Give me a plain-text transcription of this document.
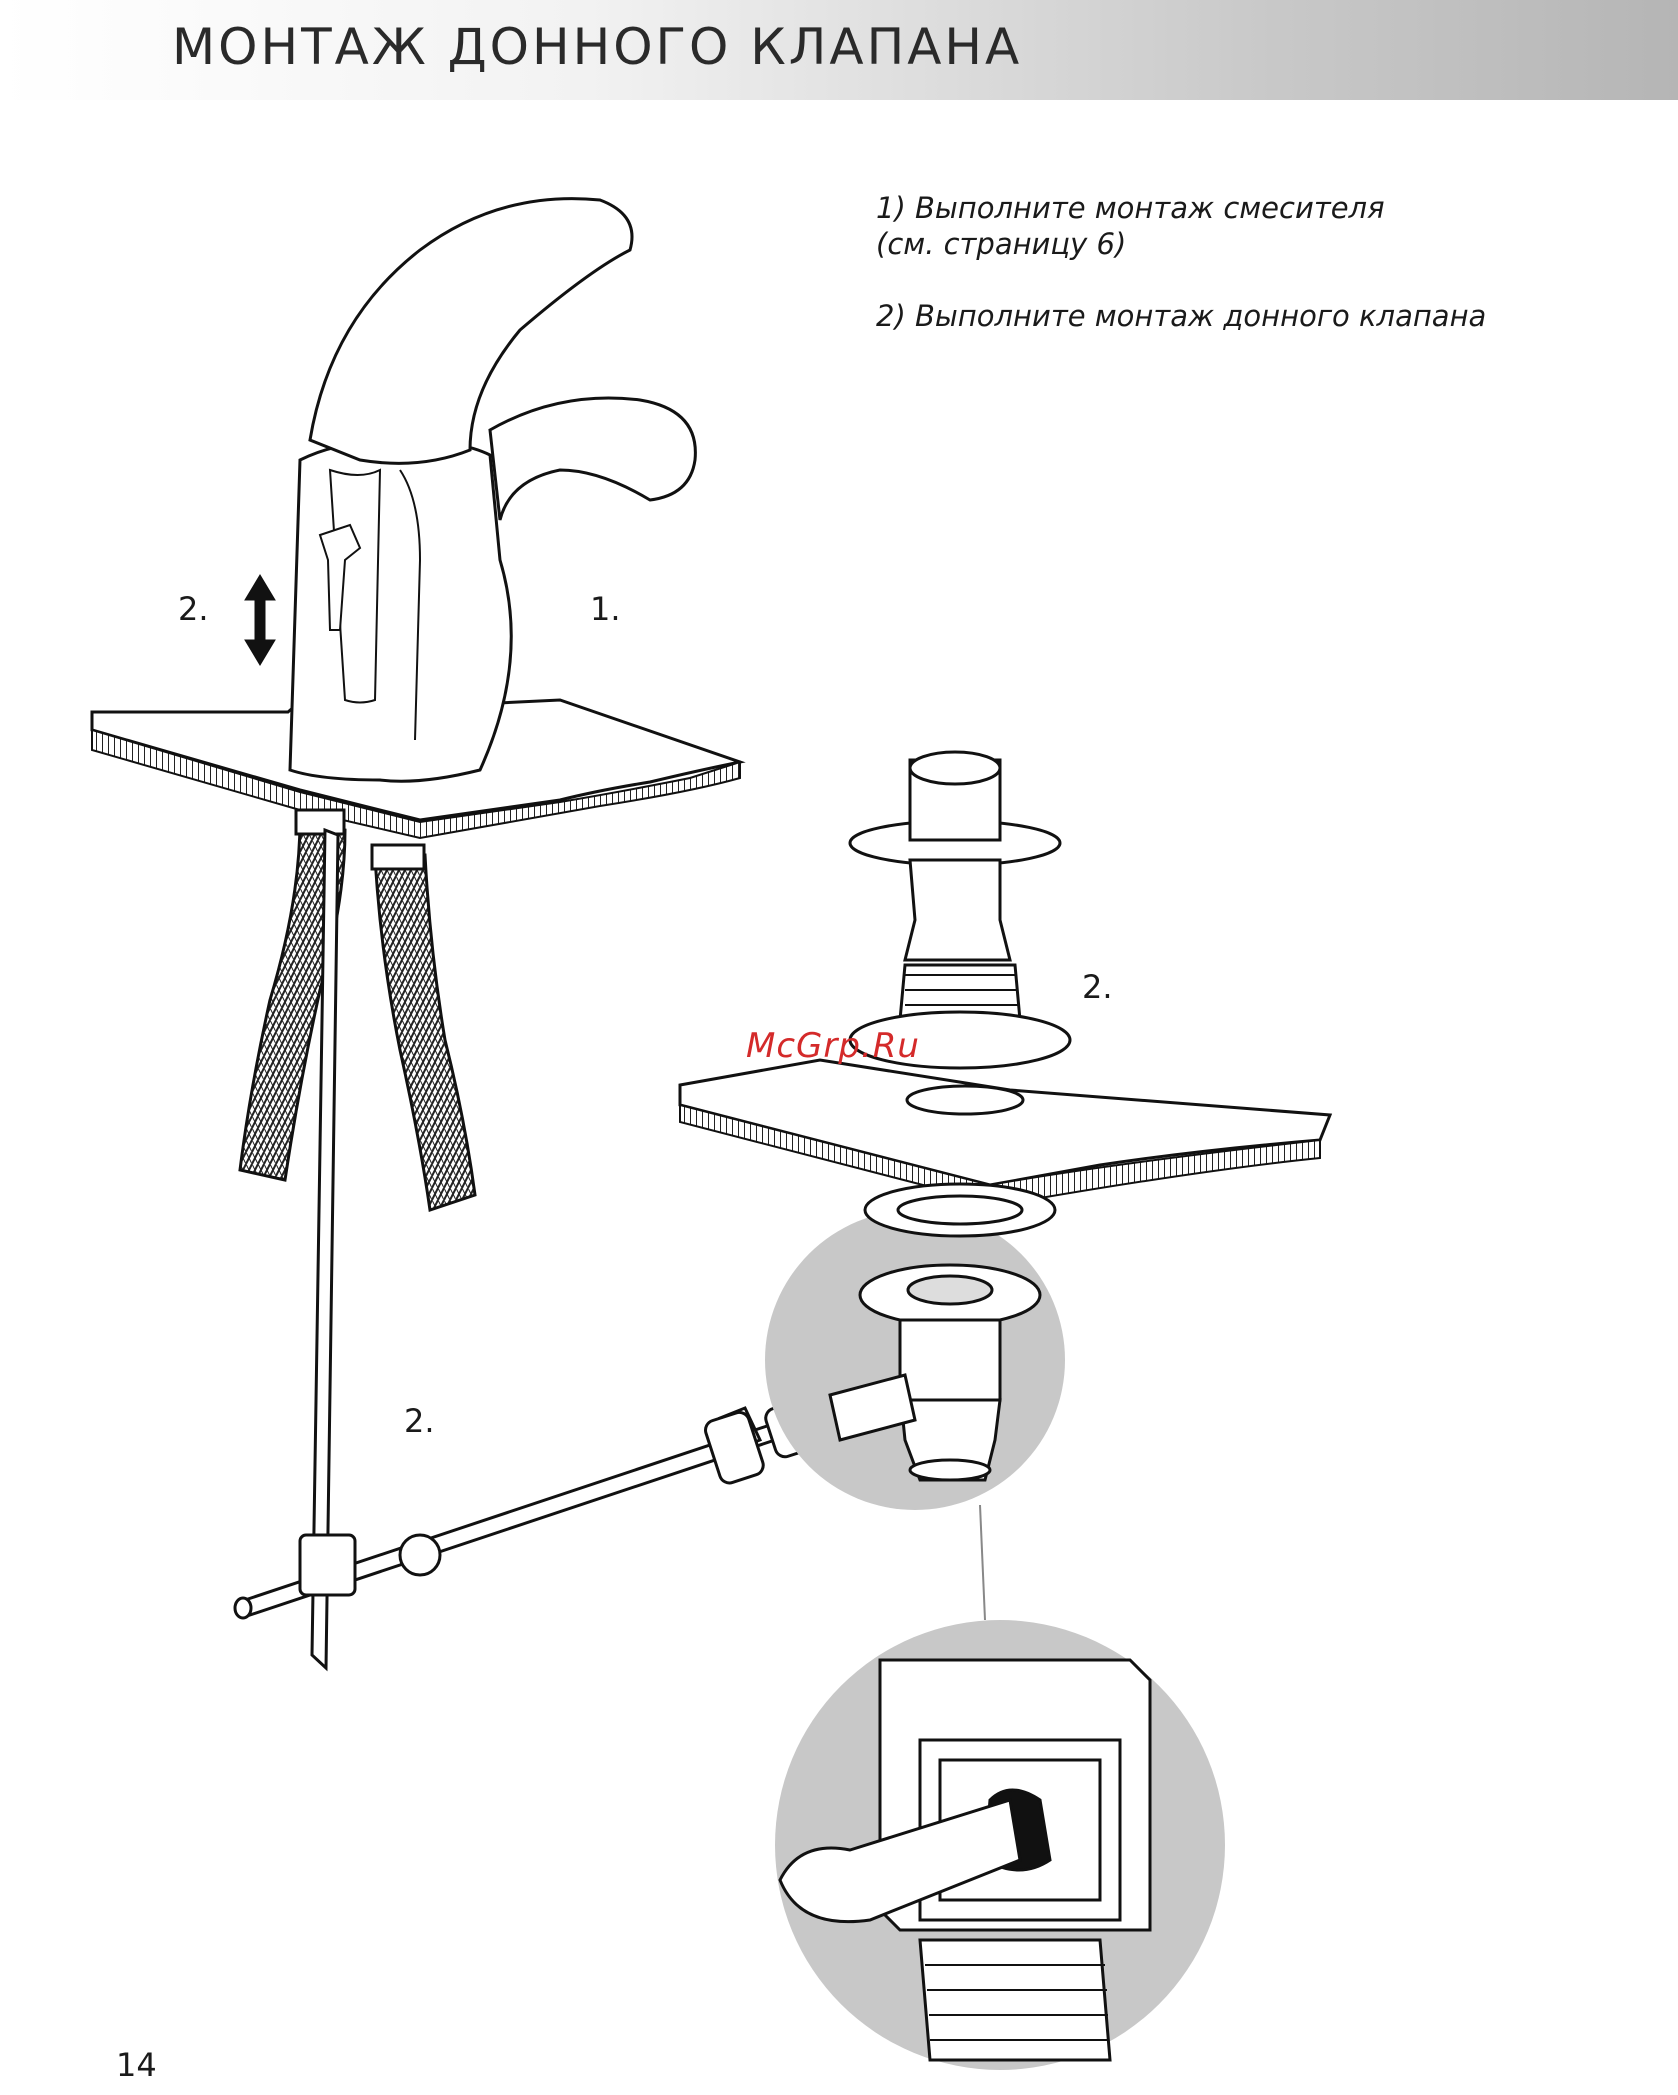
МОНТАЖ ДОННОГО КЛАПАНА

1) Выполните монтаж смесителя
(см. страницу 6)

2) Выполните монтаж донного клапана

2.	1.
2.
2.
McGrp.Ru
14
